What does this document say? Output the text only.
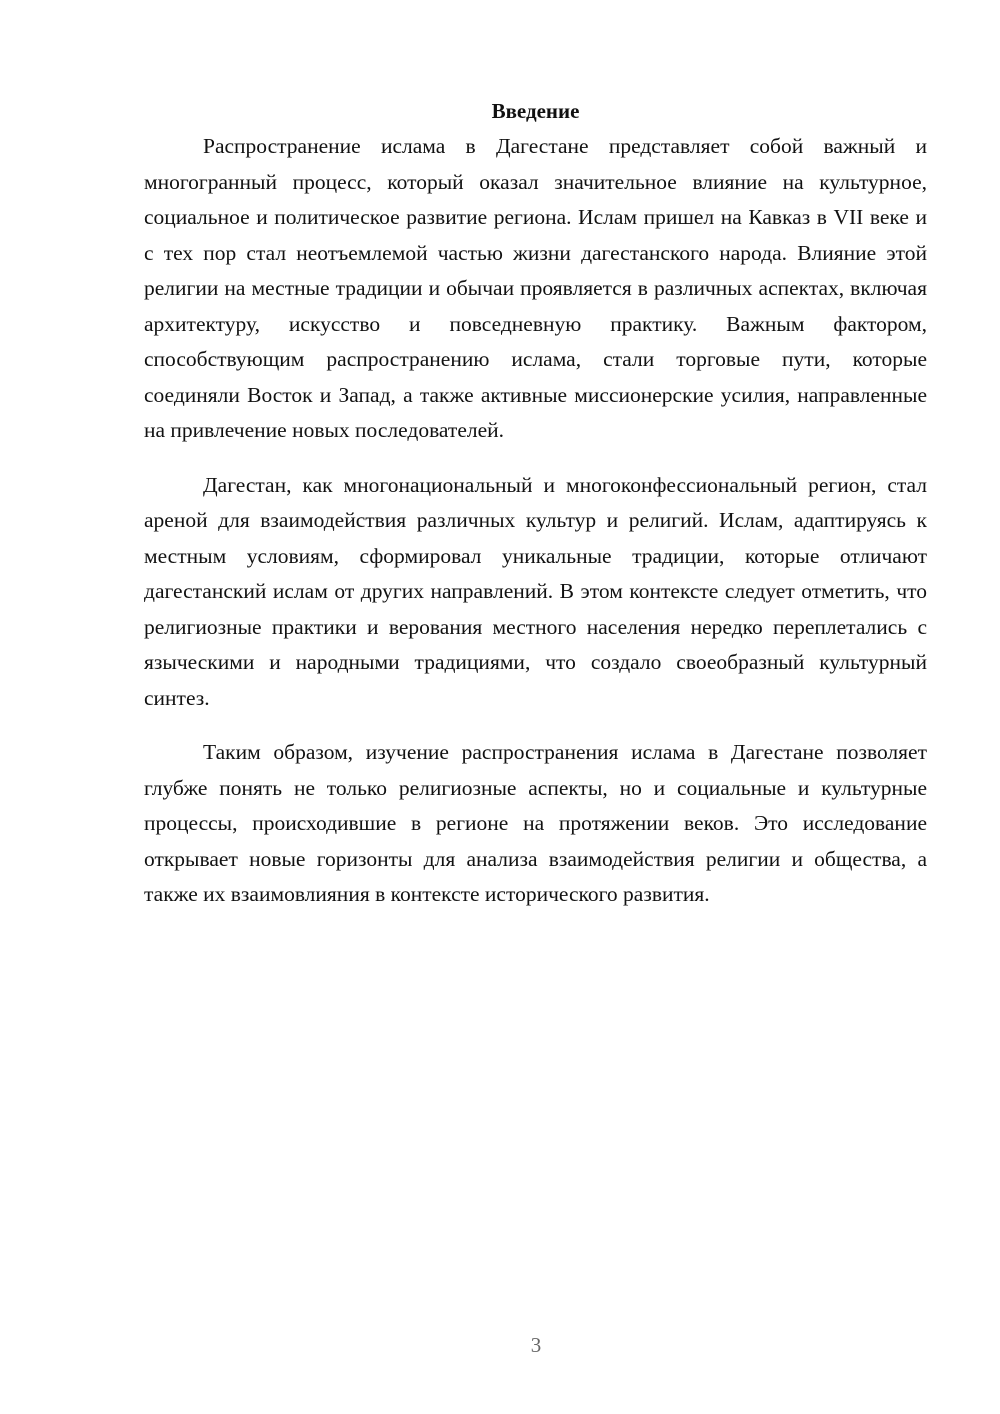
Введение

Распространение ислама в Дагестане представляет собой важный и многогранный процесс, который оказал значительное влияние на культурное, социальное и политическое развитие региона. Ислам пришел на Кавказ в VII веке и с тех пор стал неотъемлемой частью жизни дагестанского народа. Влияние этой религии на местные традиции и обычаи проявляется в различных аспектах, включая архитектуру, искусство и повседневную практику. Важным фактором, способствующим распространению ислама, стали торговые пути, которые соединяли Восток и Запад, а также активные миссионерские усилия, направленные на привлечение новых последователей.

Дагестан, как многонациональный и многоконфессиональный регион, стал ареной для взаимодействия различных культур и религий. Ислам, адаптируясь к местным условиям, сформировал уникальные традиции, которые отличают дагестанский ислам от других направлений. В этом контексте следует отметить, что религиозные практики и верования местного населения нередко переплетались с языческими и народными традициями, что создало своеобразный культурный синтез.

Таким образом, изучение распространения ислама в Дагестане позволяет глубже понять не только религиозные аспекты, но и социальные и культурные процессы, происходившие в регионе на протяжении веков. Это исследование открывает новые горизонты для анализа взаимодействия религии и общества, а также их взаимовлияния в контексте исторического развития.

3
